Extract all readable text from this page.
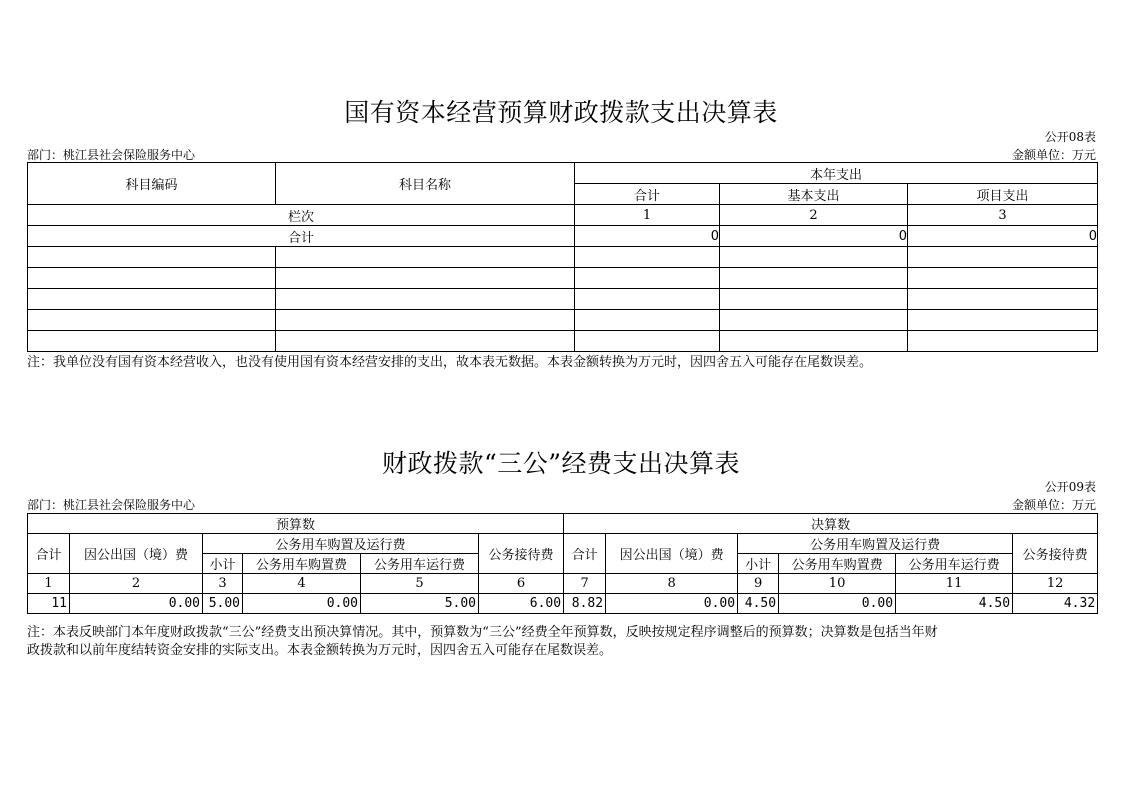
国有资本经营预算财政拨款支出决算表
公开08表
部门：桃江县社会保险服务中心	金额单位：万元
科目编码	科目名称	本年支出		
		合计	基本支出	项目支出
栏次		1	2	3
合计		0	0	0

注：我单位没有国有资本经营收入，也没有使用国有资本经营安排的支出，故本表无数据。本表金额转换为万元时，因四舍五入可能存在尾数误差。
财政拨款“三公”经费支出决算表
公开09表
部门：桃江县社会保险服务中心	金额单位：万元
预算数						决算数					
合计	因公出国（境）费	公务用车购置及运行费			公务接待费	合计	因公出国（境）费	公务用车购置及运行费			公务接待费
		小计	公务用车购置费	公务用车运行费				小计	公务用车购置费	公务用车运行费	
1	2	3	4	5	6	7	8	9	10	11	12
11	0.00	5.00	0.00	5.00	6.00	8.82	0.00	4.50	0.00	4.50	4.32
注：本表反映部门本年度财政拨款“三公”经费支出预决算情况。其中，预算数为“三公”经费全年预算数，反映按规定程序调整后的预算数；决算数是包括当年财
政拨款和以前年度结转资金安排的实际支出。本表金额转换为万元时，因四舍五入可能存在尾数误差。
